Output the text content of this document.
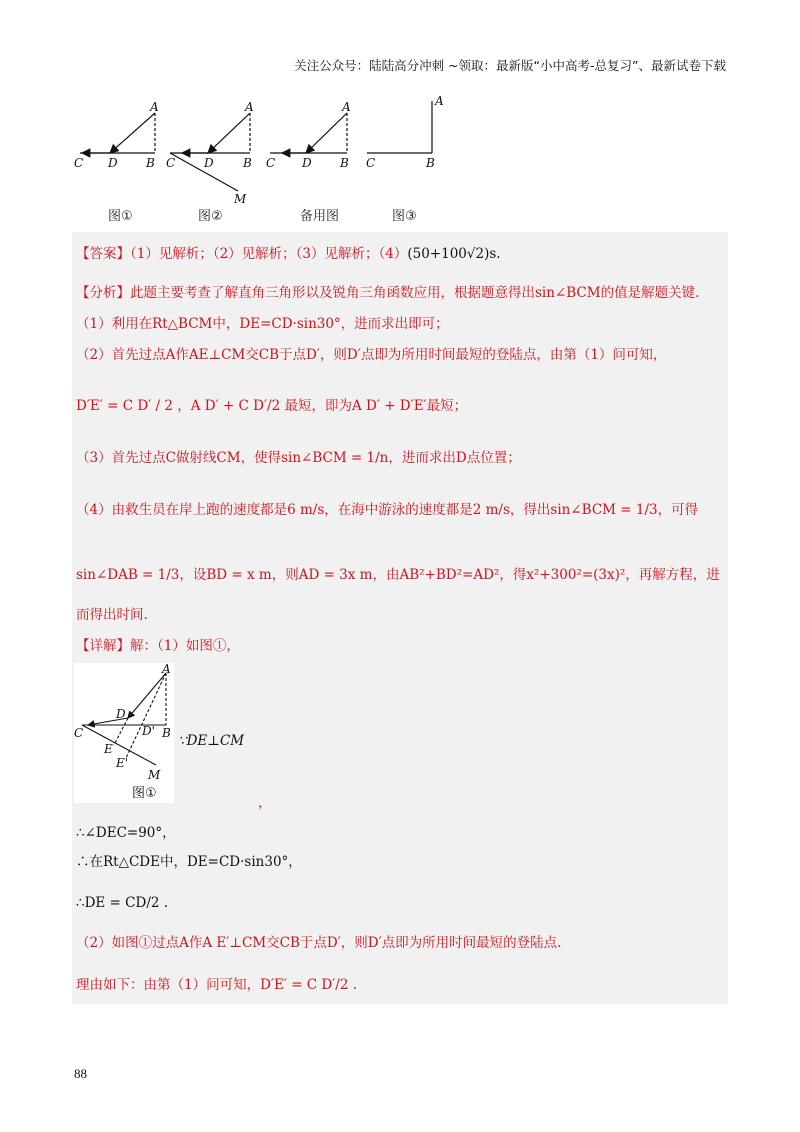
关注公众号：陆陆高分冲刺 ~领取：最新版“小中高考-总复习”、最新试卷下载
A
C D B
A
C D B
M
A
C D B
A
C	B
图①	图②	备用图	图③
【答案】（1）见解析；（2）见解析；（3）见解析；（4）(50+100√2)s.
【分析】此题主要考查了解直角三角形以及锐角三角函数应用，根据题意得出sin∠BCM的值是解题关键.
（1）利用在Rt△BCM中，DE=CD·sin30°，进而求出即可；
（2）首先过点A作AE⊥CM交CB于点D′，则D′点即为所用时间最短的登陆点，由第（1）问可知，
D′E′ = C D′ / 2 ，A D′ + C D′/2 最短，即为A D′ + D′E′最短；
（3）首先过点C做射线CM，使得sin∠BCM = 1/n，进而求出D点位置；
（4）由救生员在岸上跑的速度都是6 m/s，在海中游泳的速度都是2 m/s，得出sin∠BCM = 1/3，可得
sin∠DAB = 1/3，设BD = x m，则AD = 3x m，由AB²+BD²=AD²，得x²+300²=(3x)²，再解方程，进
而得出时间.
【详解】解：（1）如图①，
A
D
C	D' B
E
E'
M
图①
∵DE⊥CM
，
∴∠DEC=90°，
∴在Rt△CDE中，DE=CD·sin30°，
∴DE = CD/2 .
（2）如图①过点A作A E′⊥CM交CB于点D′，则D′点即为所用时间最短的登陆点.
理由如下：由第（1）问可知，D′E′ = C D′/2 .
88
